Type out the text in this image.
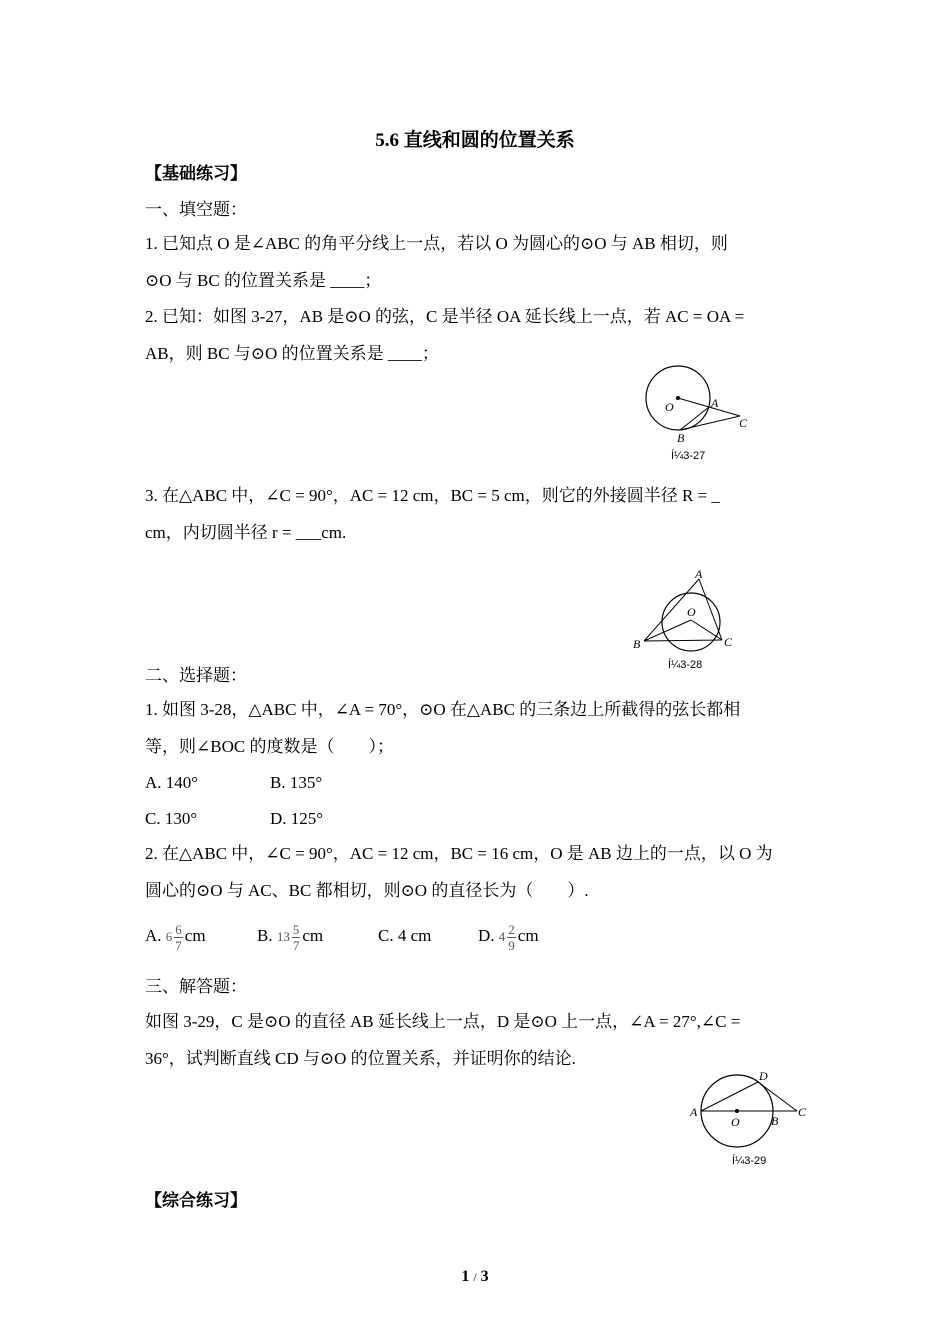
5.6 直线和圆的位置关系
【基础练习】
一、填空题：
1. 已知点 O 是∠ABC 的角平分线上一点，若以 O 为圆心的⊙O 与 AB 相切，则
⊙O 与 BC 的位置关系是 ____；
2. 已知：如图 3-27，AB 是⊙O 的弦，C 是半径 OA 延长线上一点，若 AC = OA =
AB，则 BC 与⊙O 的位置关系是 ____；
O	A
B
C
Í¼3-27
3. 在△ABC 中，∠C = 90°，AC = 12 cm，BC = 5 cm，则它的外接圆半径 R = _
cm，内切圆半径 r = ___cm.
A
O
B	C
Í¼3-28
二、选择题：
1. 如图 3-28，△ABC 中，∠A = 70°，⊙O 在△ABC 的三条边上所截得的弦长都相
等，则∠BOC 的度数是（　　）；
A. 140°	B. 135°
C. 130°	D. 125°
2. 在△ABC 中，∠C = 90°，AC = 12 cm，BC = 16 cm，O 是 AB 边上的一点，以 O 为
圆心的⊙O 与 AC、BC 都相切，则⊙O 的直径长为（　　）.
A. $6 \frac{6}{7}$ cm	B. $13 \frac{5}{7}$ cm	C. 4 cm	D. $4 \frac{2}{9}$ cm
三、解答题：
如图 3-29，C 是⊙O 的直径 AB 延长线上一点，D 是⊙O 上一点，∠A = 27°,∠C =
36°，试判断直线 CD 与⊙O 的位置关系，并证明你的结论.
A
O	B
C
D
Í¼3-29
【综合练习】
1 / 3
